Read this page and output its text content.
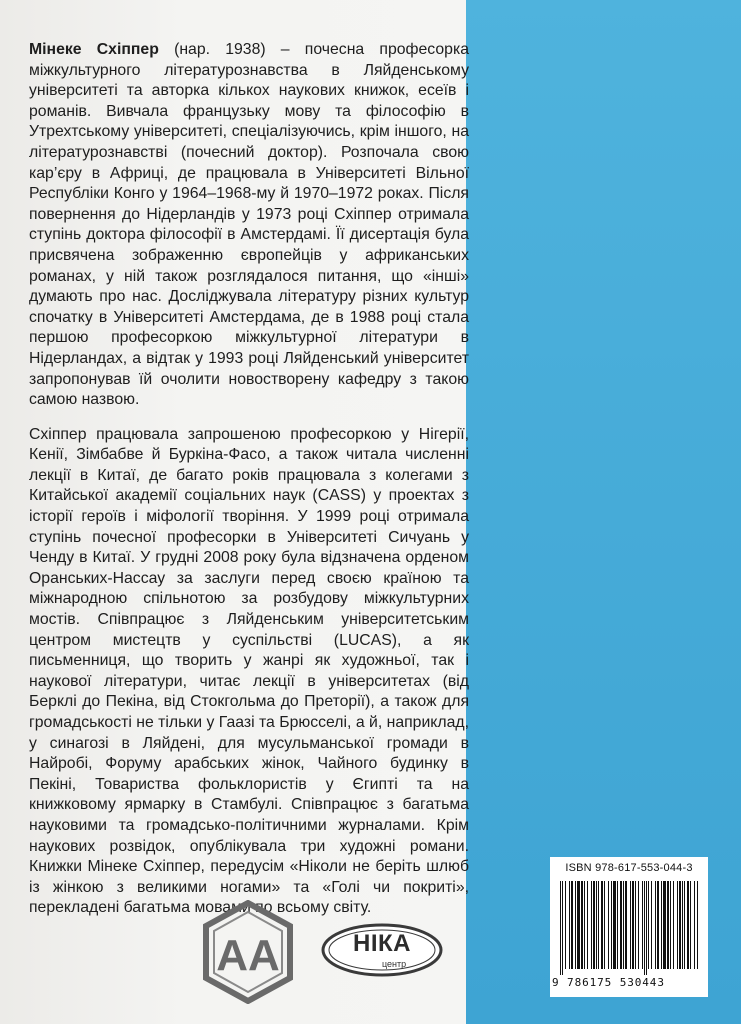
Мінеке Схіппер (нар. 1938) – почесна професорка міжкультурного літературознавства в Ляйденському університеті та авторка кількох наукових книжок, есеїв і романів. Вивчала французьку мову та філософію в Утрехтському університеті, спеціалізуючись, крім іншого, на літературознавстві (почесний доктор). Розпочала свою кар’єру в Африці, де працювала в Університеті Вільної Республіки Конго у 1964–1968-му й 1970–1972 роках. Після повернення до Нідерландів у 1973 році Схіппер отримала ступінь доктора філософії в Амстердамі. Її дисертація була присвячена зображенню європейців у африканських романах, у ній також розглядалося питання, що «інші» думають про нас. Досліджувала літературу різних культур спочатку в Університеті Амстердама, де в 1988 році стала першою професоркою міжкультурної літератури в Нідерландах, а відтак у 1993 році Ляйденський університет запропонував їй очолити новостворену кафедру з такою самою назвою.

Схіппер працювала запрошеною професоркою у Нігерії, Кенії, Зімбабве й Буркіна-Фасо, а також читала численні лекції в Китаї, де багато років працювала з колегами з Китайської академії соціальних наук (CASS) у проектах з історії героїв і міфології творіння. У 1999 році отримала ступінь почесної професорки в Університеті Сичуань у Ченду в Китаї. У грудні 2008 року була відзначена орденом Оранських-Нассау за заслуги перед своєю країною та міжнародною спільнотою за розбудову міжкультурних мостів. Співпрацює з Ляйденським університетським центром мистецтв у суспільстві (LUCAS), а як письменниця, що творить у жанрі як художньої, так і наукової літератури, читає лекції в університетах (від Берклі до Пекіна, від Стокгольма до Преторії), а також для громадськості не тільки у Гаазі та Брюсселі, а й, наприклад, у синагозі в Ляйдені, для мусульманської громади в Найробі, Форуму арабських жінок, Чайного будинку в Пекіні, Товариства фольклористів у Єгипті та на книжковому ярмарку в Стамбулі. Співпрацює з багатьма науковими та громадсько-політичними журналами. Крім наукових розвідок, опублікувала три художні романи. Книжки Мінеке Схіппер, передусім «Ніколи не беріть шлюб із жінкою з великими ногами» та «Голі чи покриті», перекладені багатьма мовами по всьому світу.

АА	НІКА
центр
ISBN 978-617-553-044-3
9 786175 530443
